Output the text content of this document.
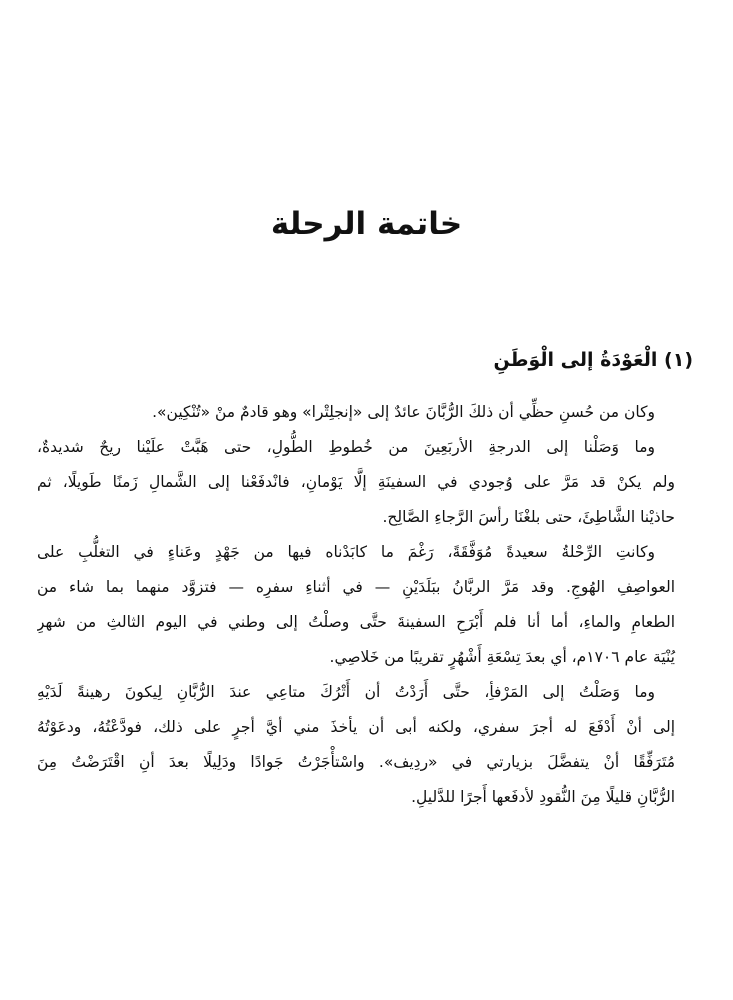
خاتمة الرحلة
(١) الْعَوْدَةُ إلى الْوَطَنِ
وكان من حُسنِ حظِّي أن ذلكَ الرُّبَّانَ عائدٌ إلى «إنجلِتْرا» وهو قادمٌ منْ «تُنْكِين».
وما وَصَلْنا إلى الدرجةِ الأربَعِينَ من خُطوطِ الطُّولِ، حتى هَبَّتْ علَيْنا ريحٌ شديدةٌ،
ولم يكنْ قد مَرَّ على وُجودي في السفينَةِ إلَّا يَوْمانِ، فانْدفَعْنا إلى الشَّمالِ زَمنًا طَويلًا، ثم
حاذيْنا الشَّاطِئَ، حتى بلغْنَا رأسَ الرَّجاءِ الصَّالِح.
وكانتِ الرِّحْلةُ سعيدةً مُوَفَّقَةً، رَغْمَ ما كابَدْناه فيها من جَهْدٍ وعَناءٍ في التغلُّبِ على
العواصِفِ الهُوجِ. وقد مَرَّ الربَّانُ ببَلَدَيْنِ — في أثناءِ سفرِه — فتزوَّد منهما بما شاء من
الطعامِ والماءِ، أما أنا فلم أَبْرَحِ السفينةَ حتَّى وصلْتُ إلى وطني في اليوم الثالثِ من شهرِ
يُنْيَة عام ١٧٠٦م، أي بعدَ تِسْعَةِ أَشْهُرٍ تقريبًا من خَلاصِي.
وما وَصَلْتُ إلى المَرْفأِ، حتَّى أَرَدْتُ أن أَتْرُكَ متاعِي عندَ الرُّبَّانِ لِيكونَ رهينةً لَدَيْهِ
إلى أنْ أَدْفَعَ له أجرَ سفري، ولكنه أبى أن يأخذَ مني أيَّ أجرٍ على ذلك، فودَّعْتُهُ، ودعَوْتُهُ
مُتَرَفِّقًا أنْ يتفضَّلَ بزيارتي في «ردِيف». واسْتأْجَرْتُ جَوادًا ودَلِيلًا بعدَ أنِ اقْتَرَضْتُ مِنَ
الرُّبَّانِ قليلًا مِنَ النُّقودِ لأدفَعها أَجرًا للدَّليلِ.
